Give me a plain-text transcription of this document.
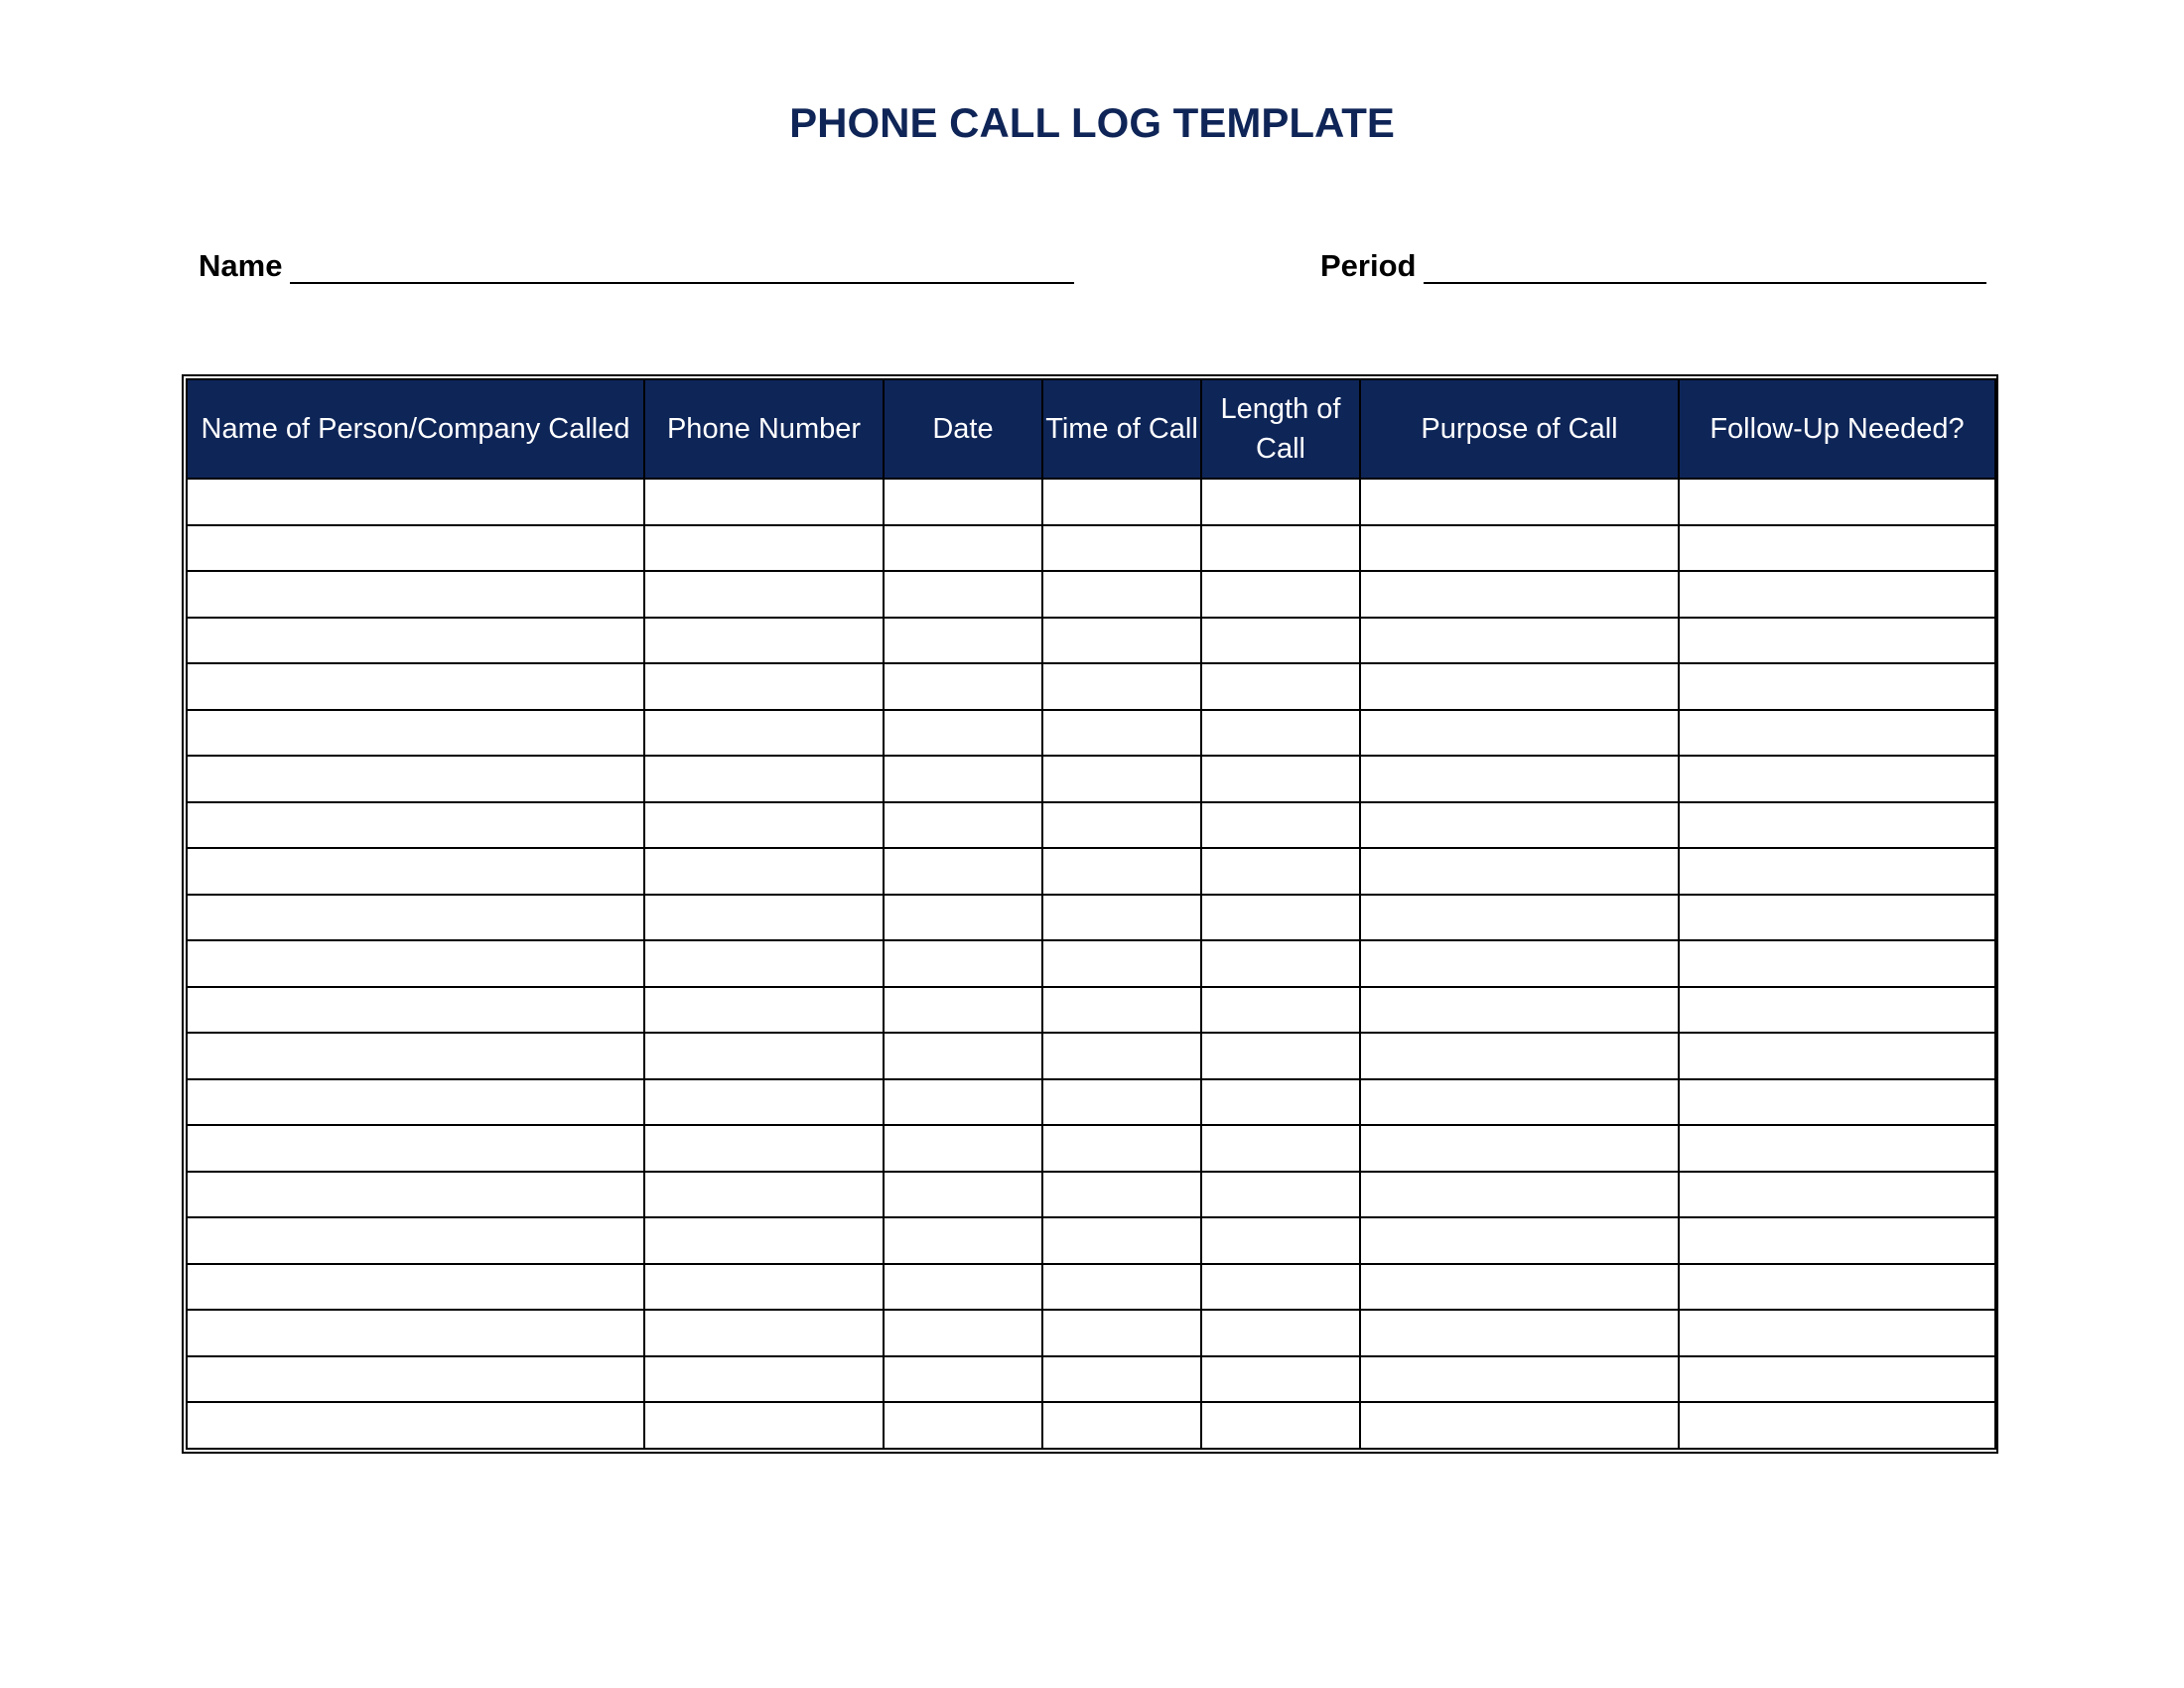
PHONE CALL LOG TEMPLATE
Name	Period
Name of Person/Company Called	Phone Number	Date	Time of Call	Length of Call	Purpose of Call	Follow-Up Needed?
